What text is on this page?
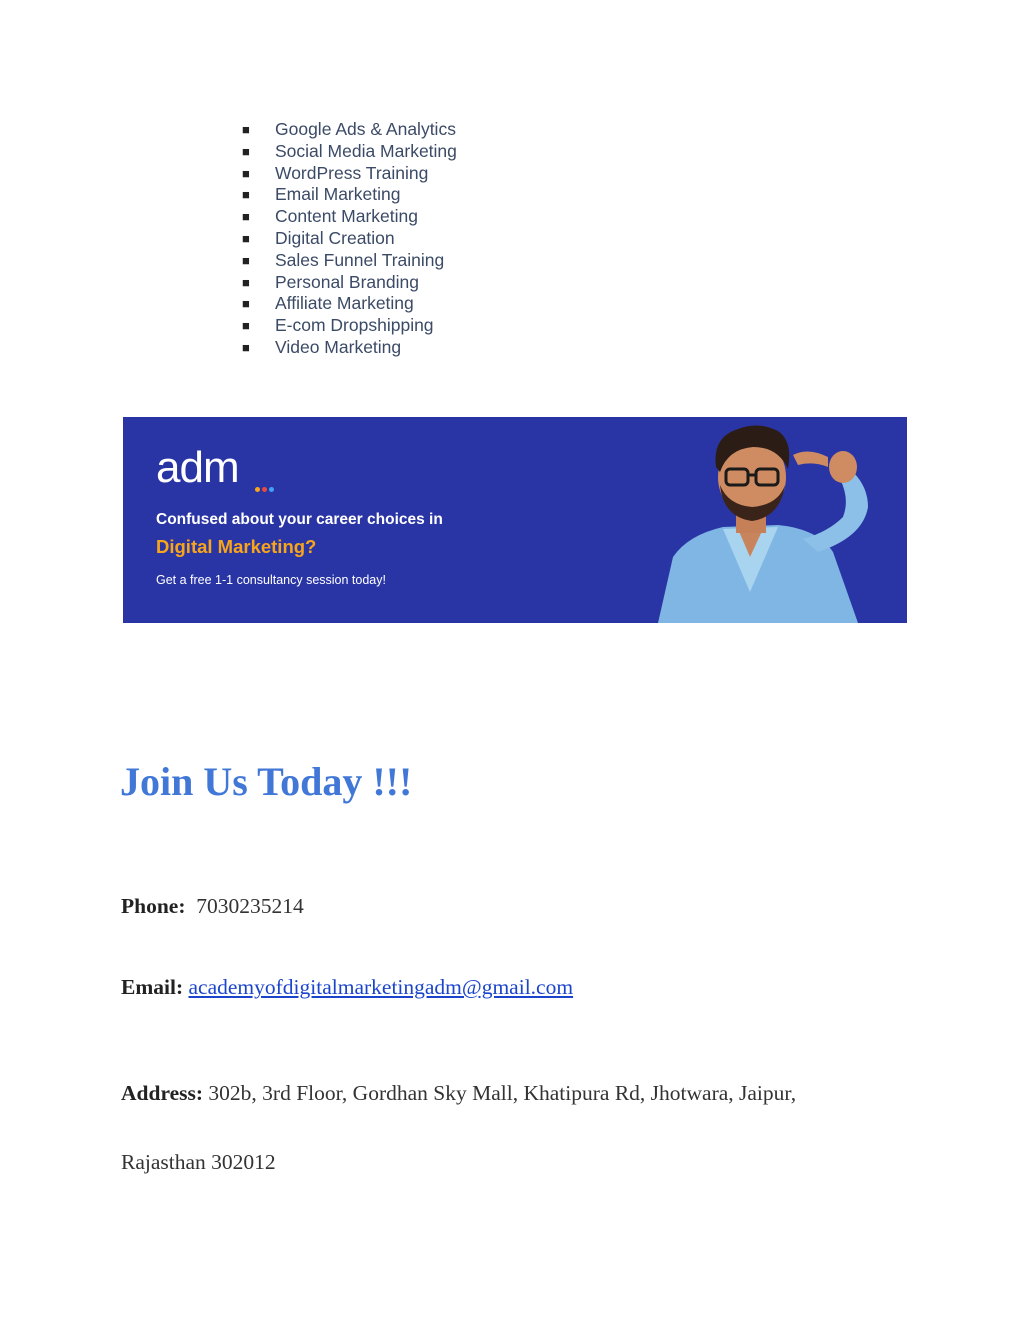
■ Google Ads & Analytics
■ Social Media Marketing
■ WordPress Training
■ Email Marketing
■ Content Marketing
■ Digital Creation
■ Sales Funnel Training
■ Personal Branding
■ Affiliate Marketing
■ E-com Dropshipping
■ Video Marketing
adm
Confused about your career choices in
Digital Marketing?
Get a free 1-1 consultancy session today!
Join Us Today !!!
Phone: 7030235214
Email: academyofdigitalmarketingadm@gmail.com
Address: 302b, 3rd Floor, Gordhan Sky Mall, Khatipura Rd, Jhotwara, Jaipur,
Rajasthan 302012
